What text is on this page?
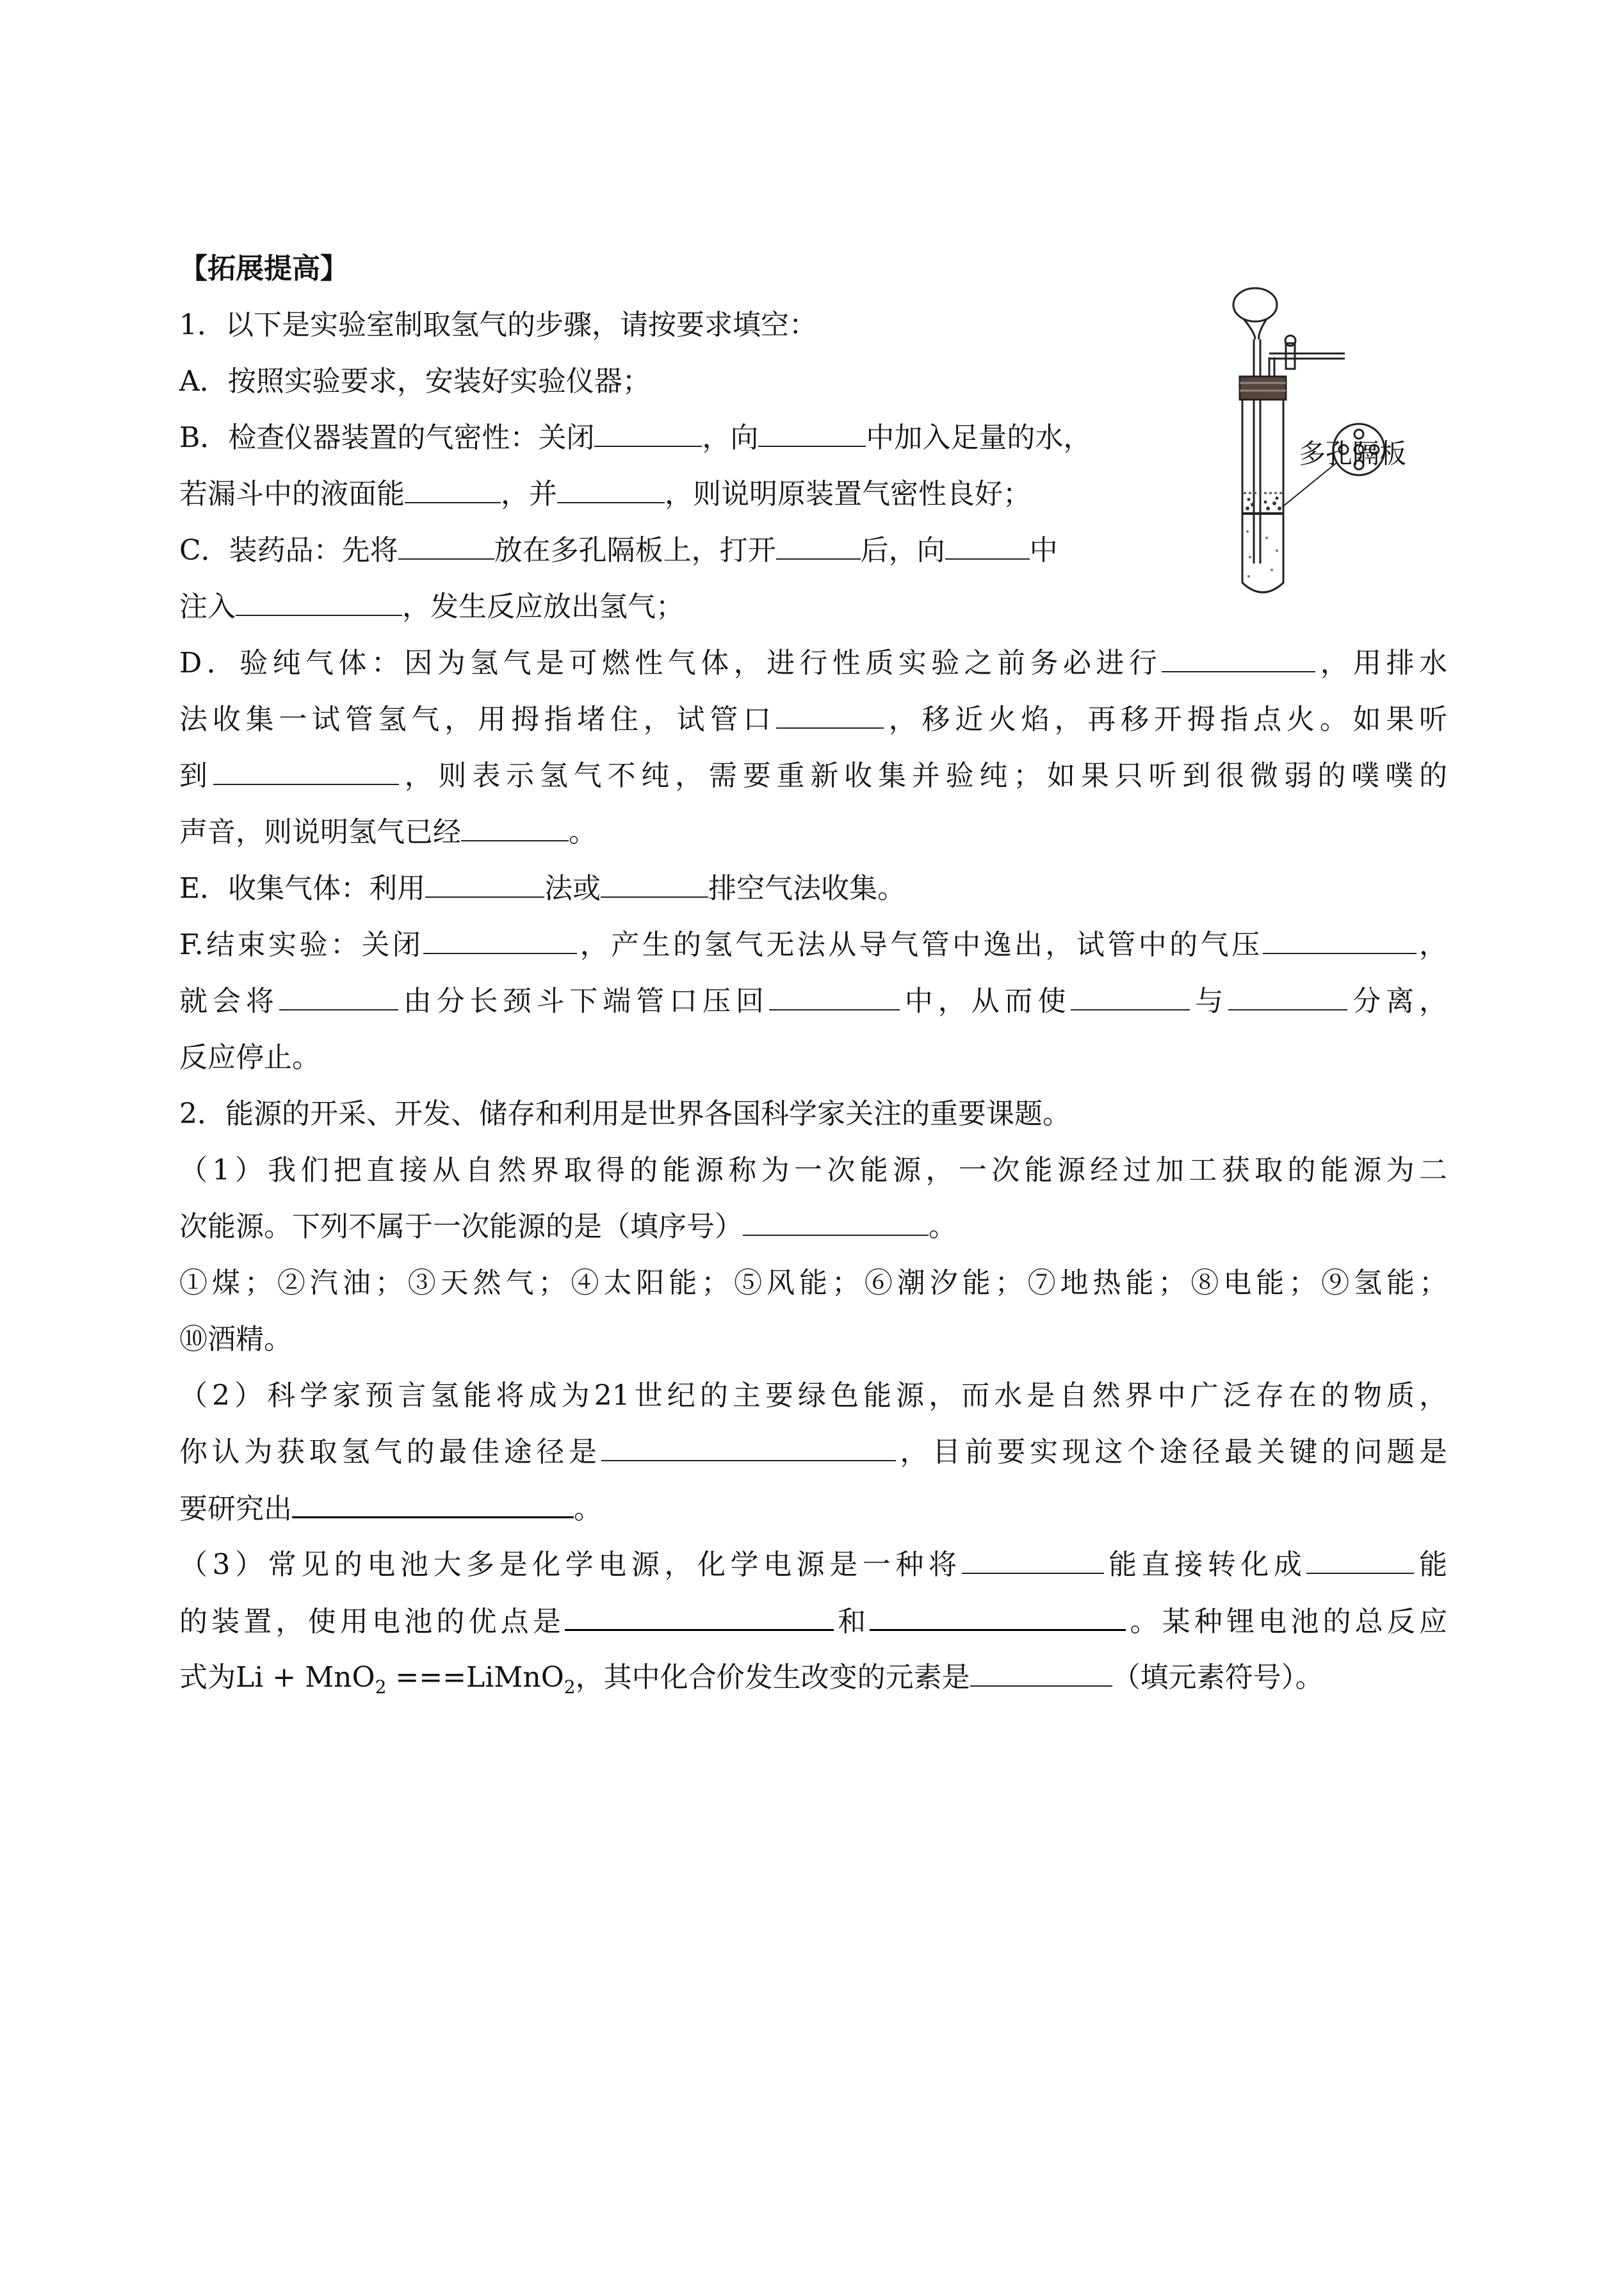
【拓展提高】
1．以下是实验室制取氢气的步骤，请按要求填空：
A．按照实验要求，安装好实验仪器；
B．检查仪器装置的气密性：关闭	，向	中加入足量的水，
若漏斗中的液面能	，并	，则说明原装置气密性良好；
C．装药品：先将	放在多孔隔板上，打开	后，向	中
注入	，发生反应放出氢气；
D．验纯气体：因为氢气是可燃性气体，进行性质实验之前务必进行	，用排水
法收集一试管氢气，用拇指堵住，试管口	，移近火焰，再移开拇指点火。如果听
到	，则表示氢气不纯，需要重新收集并验纯；如果只听到很微弱的噗噗的
声音，则说明氢气已经	。
E．收集气体：利用	法或	排空气法收集。
F.结束实验：关闭	，产生的氢气无法从导气管中逸出，试管中的气压	，
就会将	由分长颈斗下端管口压回	中，从而使	与	分离，
反应停止。
2．能源的开采、开发、储存和利用是世界各国科学家关注的重要课题。
（1）我们把直接从自然界取得的能源称为一次能源，一次能源经过加工获取的能源为二
次能源。下列不属于一次能源的是（填序号）	。
①煤；②汽油；③天然气；④太阳能；⑤风能；⑥潮汐能；⑦地热能；⑧电能；⑨氢能；
⑩酒精。
（2）科学家预言氢能将成为21世纪的主要绿色能源，而水是自然界中广泛存在的物质，
你认为获取氢气的最佳途径是	，目前要实现这个途径最关键的问题是
要研究出	。
（3）常见的电池大多是化学电源，化学电源是一种将	能直接转化成	能
的装置，使用电池的优点是	和	。某种锂电池的总反应
式为Li + MnO$_2$ ===LiMnO$_2$，其中化合价发生改变的元素是	（填元素符号）。
多孔隔板
